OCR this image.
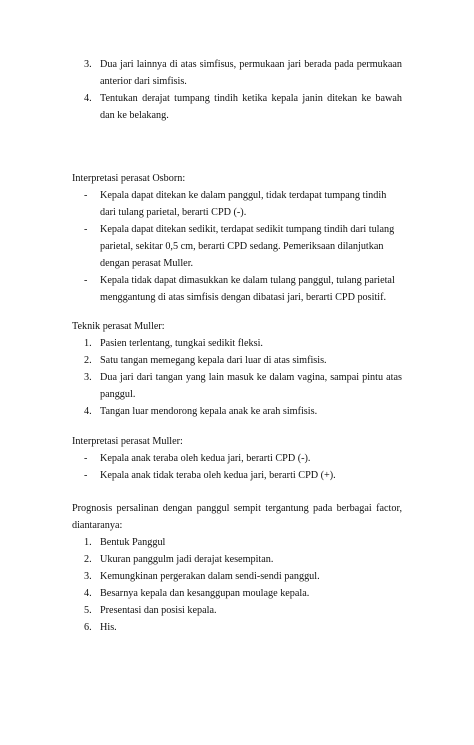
3. Dua jari lainnya di atas simfisus, permukaan jari berada pada permukaan anterior dari simfisis.
4. Tentukan derajat tumpang tindih ketika kepala janin ditekan ke bawah dan ke belakang.

Interpretasi perasat Osborn:

- Kepala dapat ditekan ke dalam panggul, tidak terdapat tumpang tindih dari tulang parietal, berarti CPD (-).
- Kepala dapat ditekan sedikit, terdapat sedikit tumpang tindih dari tulang parietal, sekitar 0,5 cm, berarti CPD sedang. Pemeriksaan dilanjutkan dengan perasat Muller.
- Kepala tidak dapat dimasukkan ke dalam tulang panggul, tulang parietal menggantung di atas simfisis dengan dibatasi jari, berarti CPD positif.

Teknik perasat Muller:

1. Pasien terlentang, tungkai sedikit fleksi.
2. Satu tangan memegang kepala dari luar di atas simfisis.
3. Dua jari dari tangan yang lain masuk ke dalam vagina, sampai pintu atas panggul.
4. Tangan luar mendorong kepala anak ke arah simfisis.

Interpretasi perasat Muller:

- Kepala anak teraba oleh kedua jari, berarti CPD (-).
- Kepala anak tidak teraba oleh kedua jari, berarti CPD (+).

Prognosis persalinan dengan panggul sempit tergantung pada berbagai factor, diantaranya:

1. Bentuk Panggul
2. Ukuran panggulm jadi derajat kesempitan.
3. Kemungkinan pergerakan dalam sendi-sendi panggul.
4. Besarnya kepala dan kesanggupan moulage kepala.
5. Presentasi dan posisi kepala.
6. His.
